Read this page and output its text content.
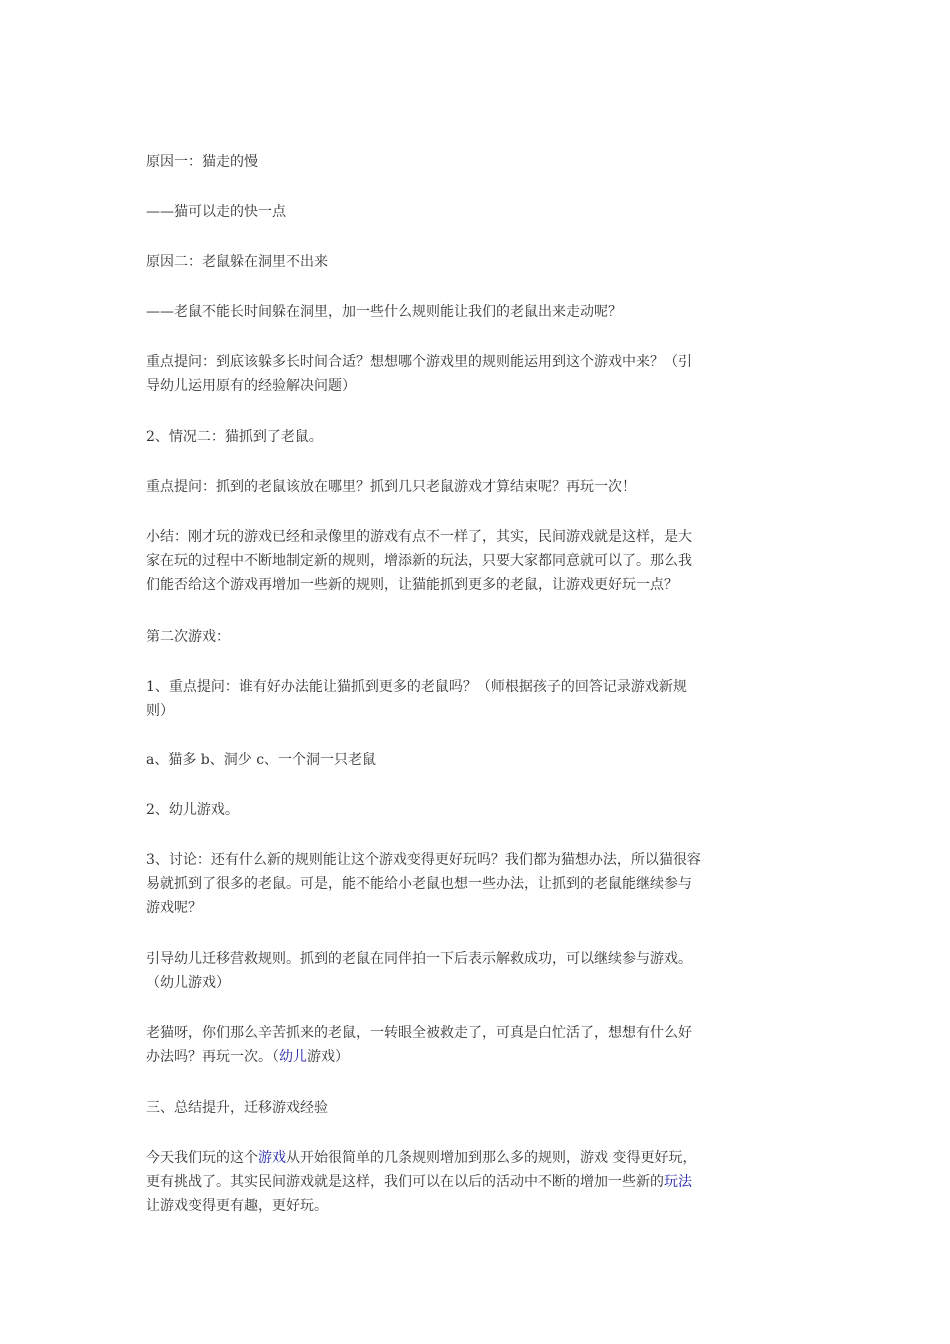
原因一：猫走的慢

——猫可以走的快一点

原因二：老鼠躲在洞里不出来

——老鼠不能长时间躲在洞里，加一些什么规则能让我们的老鼠出来走动呢？

重点提问：到底该躲多长时间合适？想想哪个游戏里的规则能运用到这个游戏中来？（引
导幼儿运用原有的经验解决问题）

2、情况二：猫抓到了老鼠。

重点提问：抓到的老鼠该放在哪里？抓到几只老鼠游戏才算结束呢？再玩一次！

小结：刚才玩的游戏已经和录像里的游戏有点不一样了，其实，民间游戏就是这样，是大
家在玩的过程中不断地制定新的规则，增添新的玩法，只要大家都同意就可以了。那么我
们能否给这个游戏再增加一些新的规则，让猫能抓到更多的老鼠，让游戏更好玩一点？

第二次游戏：

1、重点提问：谁有好办法能让猫抓到更多的老鼠吗？（师根据孩子的回答记录游戏新规
则）

a、猫多 b、洞少 c、一个洞一只老鼠

2、幼儿游戏。

3、讨论：还有什么新的规则能让这个游戏变得更好玩吗？我们都为猫想办法，所以猫很容
易就抓到了很多的老鼠。可是，能不能给小老鼠也想一些办法，让抓到的老鼠能继续参与
游戏呢？

引导幼儿迁移营救规则。抓到的老鼠在同伴拍一下后表示解救成功，可以继续参与游戏。
（幼儿游戏）

老猫呀，你们那么辛苦抓来的老鼠，一转眼全被救走了，可真是白忙活了，想想有什么好
办法吗？再玩一次。（幼儿游戏）

三、总结提升，迁移游戏经验

今天我们玩的这个游戏从开始很简单的几条规则增加到那么多的规则，游戏 变得更好玩，
更有挑战了。其实民间游戏就是这样，我们可以在以后的活动中不断的增加一些新的玩法
让游戏变得更有趣，更好玩。
